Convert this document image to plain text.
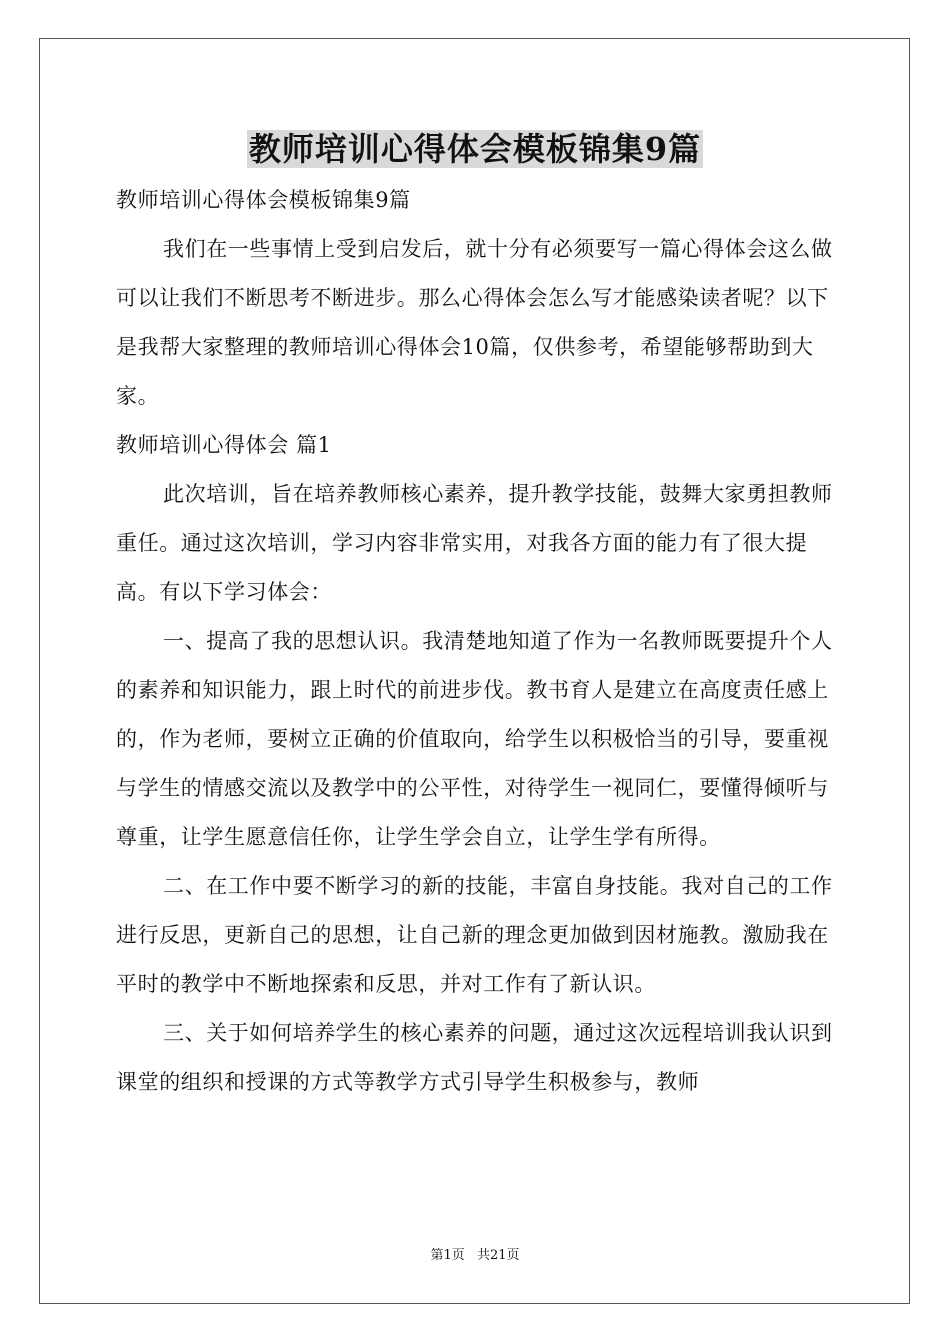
教师培训心得体会模板锦集9篇

教师培训心得体会模板锦集9篇

我们在一些事情上受到启发后，就十分有必须要写一篇心得体会这么做可以让我们不断思考不断进步。那么心得体会怎么写才能感染读者呢？以下是我帮大家整理的教师培训心得体会10篇，仅供参考，希望能够帮助到大家。

教师培训心得体会 篇1

此次培训，旨在培养教师核心素养，提升教学技能，鼓舞大家勇担教师重任。通过这次培训，学习内容非常实用，对我各方面的能力有了很大提高。有以下学习体会：

一、提高了我的思想认识。我清楚地知道了作为一名教师既要提升个人的素养和知识能力，跟上时代的前进步伐。教书育人是建立在高度责任感上的，作为老师，要树立正确的价值取向，给学生以积极恰当的引导，要重视与学生的情感交流以及教学中的公平性，对待学生一视同仁，要懂得倾听与尊重，让学生愿意信任你，让学生学会自立，让学生学有所得。

二、在工作中要不断学习的新的技能，丰富自身技能。我对自己的工作进行反思，更新自己的思想，让自己新的理念更加做到因材施教。激励我在平时的教学中不断地探索和反思，并对工作有了新认识。

三、关于如何培养学生的核心素养的问题，通过这次远程培训我认识到课堂的组织和授课的方式等教学方式引导学生积极参与，教师

第1页 共21页
